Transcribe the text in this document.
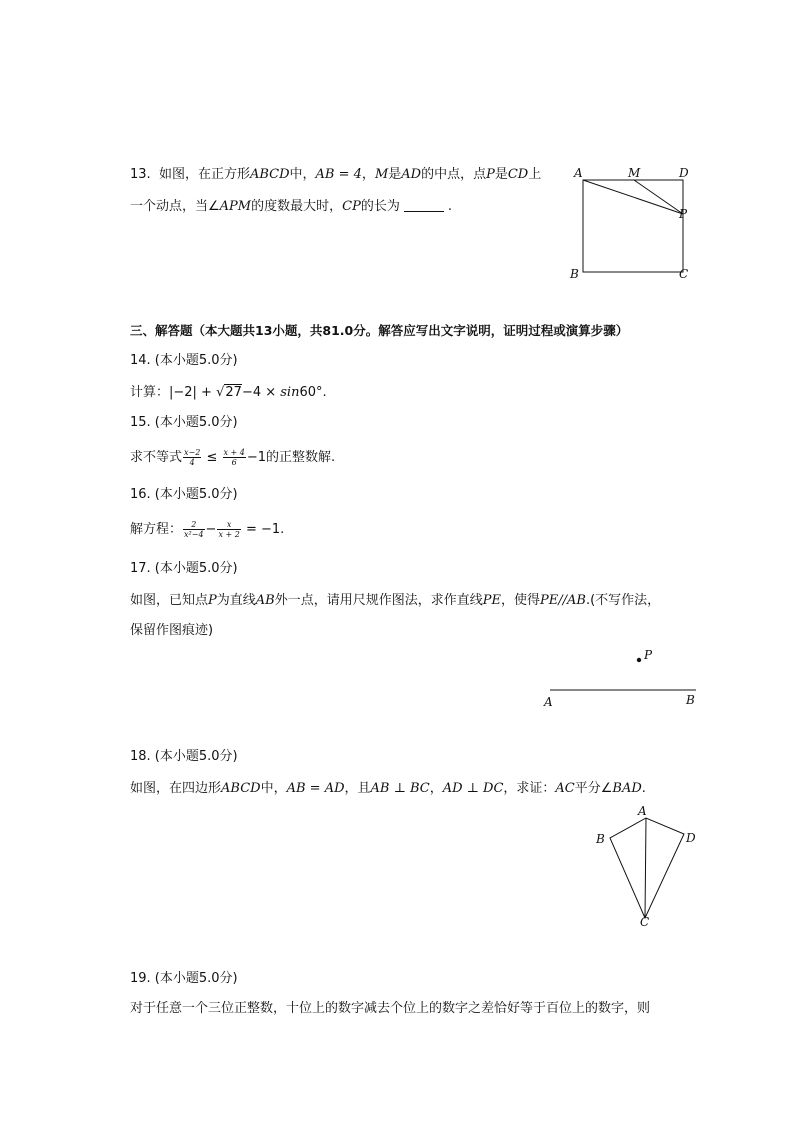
13. 如图，在正方形ABCD中，AB = 4，M是AD的中点，点P是CD上
一个动点，当∠APM的度数最大时，CP的长为	.
A	M	D
P
B	C
三、解答题（本大题共13小题，共81.0分。解答应写出文字说明，证明过程或演算步骤）
14. (本小题5.0分)
计算：|−2| + √27−4 × sin60°.
15. (本小题5.0分)
求不等式 $\frac{x-2}{4} \le \frac{x + 4}{6} -1$的正整数解.
16. (本小题5.0分)
解方程： $\frac{2}{\text{x²−4}} - \frac{x}{x + 2} = -1$.
17. (本小题5.0分)
如图，已知点P为直线AB外一点，请用尺规作图法，求作直线PE，使得PE//AB.(不写作法，
保留作图痕迹)
P
A	B
18. (本小题5.0分)
如图，在四边形ABCD中，AB = AD，且AB ⊥ BC，AD ⊥ DC，求证：AC平分∠BAD.
A
B	D
C
19. (本小题5.0分)
对于任意一个三位正整数，十位上的数字减去个位上的数字之差恰好等于百位上的数字，则
